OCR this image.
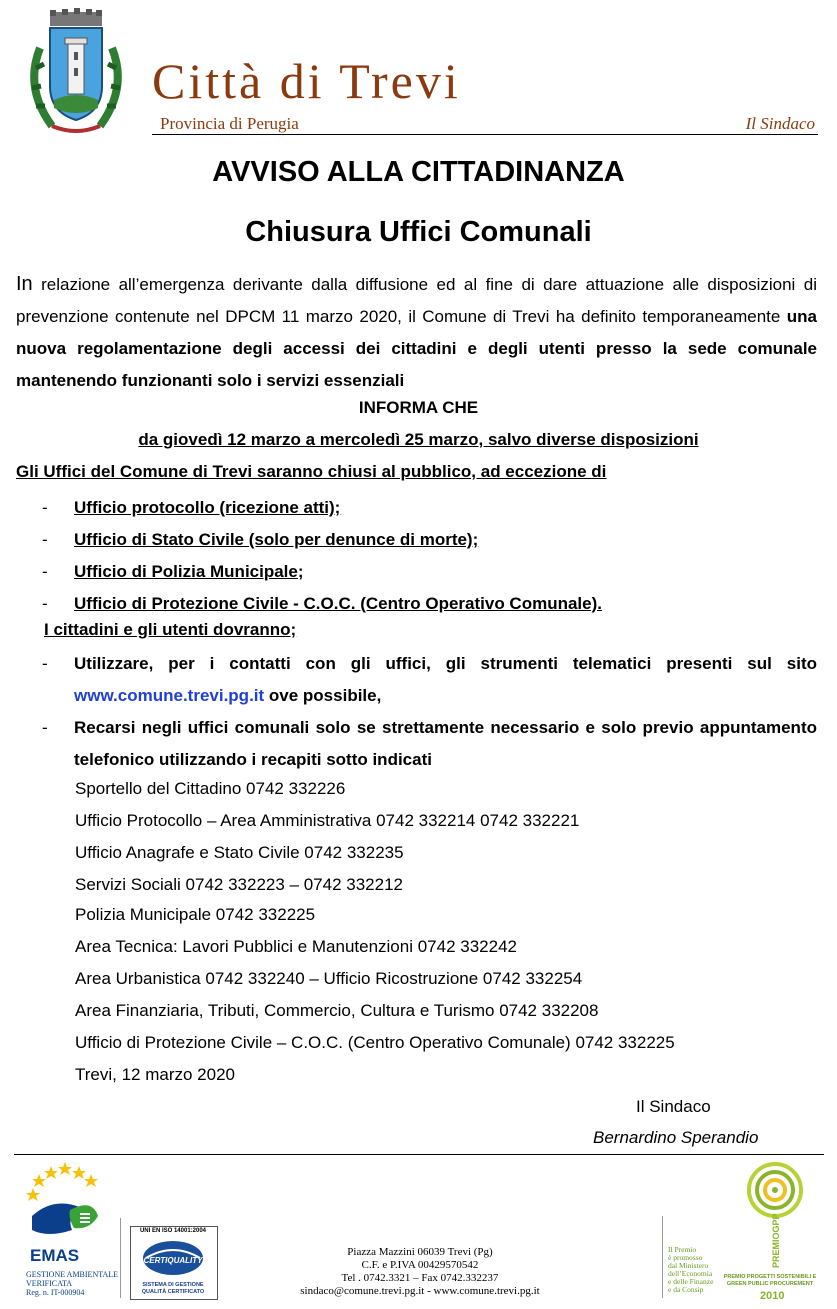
Città di Trevi
Provincia di Perugia	Il Sindaco
AVVISO ALLA CITTADINANZA
Chiusura Uffici Comunali
In relazione all’emergenza derivante dalla diffusione ed al fine di dare attuazione alle disposizioni di prevenzione contenute nel DPCM 11 marzo 2020, il Comune di Trevi ha definito temporaneamente una nuova regolamentazione degli accessi dei cittadini e degli utenti presso la sede comunale mantenendo funzionanti solo i servizi essenziali
INFORMA CHE
da giovedì 12 marzo a mercoledì 25 marzo, salvo diverse disposizioni
Gli Uffici del Comune di Trevi saranno chiusi al pubblico, ad eccezione di
- Ufficio protocollo (ricezione atti);
- Ufficio di Stato Civile (solo per denunce di morte);
- Ufficio di Polizia Municipale;
- Ufficio di Protezione Civile - C.O.C. (Centro Operativo Comunale).
I cittadini e gli utenti dovranno;
- Utilizzare, per i contatti con gli uffici, gli strumenti telematici presenti sul sito www.comune.trevi.pg.it ove possibile,
- Recarsi negli uffici comunali solo se strettamente necessario e solo previo appuntamento telefonico utilizzando i recapiti sotto indicati
Sportello del Cittadino 0742 332226
Ufficio Protocollo – Area Amministrativa 0742 332214 0742 332221
Ufficio Anagrafe e Stato Civile 0742 332235
Servizi Sociali 0742 332223 – 0742 332212
Polizia Municipale 0742 332225
Area Tecnica: Lavori Pubblici e Manutenzioni 0742 332242
Area Urbanistica 0742 332240 – Ufficio Ricostruzione 0742 332254
Area Finanziaria, Tributi, Commercio, Cultura e Turismo 0742 332208
Ufficio di Protezione Civile – C.O.C. (Centro Operativo Comunale) 0742 332225
Trevi, 12 marzo 2020
Il Sindaco
Bernardino Sperandio
EMAS
GESTIONE AMBIENTALE
VERIFICATA
Reg. n. IT-000904
UNI EN ISO 14001:2004
CERTIQUALITY
SISTEMA DI GESTIONE
QUALITÀ CERTIFICATO
Piazza Mazzini 06039 Trevi (Pg)
C.F. e P.IVA 00429570542
Tel . 0742.3321 – Fax 0742.332237
sindaco@comune.trevi.pg.it - www.comune.trevi.pg.it
Il Premio
è promosso
dal Ministero
dell’Economia
e delle Finanze
e da Consip
PREMIOGPP
PREMIO PROGETTI SOSTENIBILI E GREEN PUBLIC PROCUREMENT
2010
